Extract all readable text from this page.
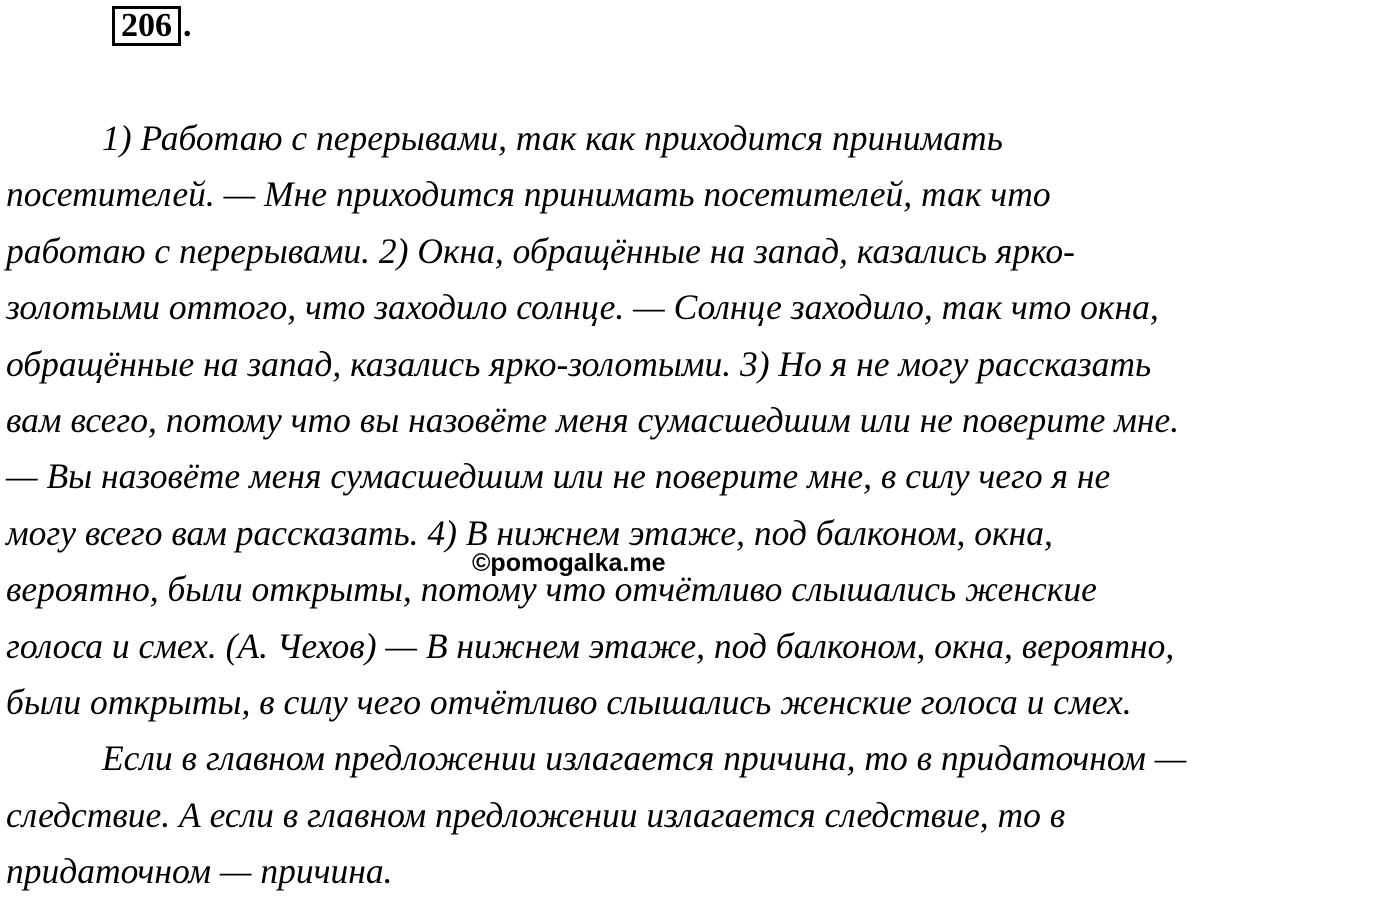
206 .
1) Работаю с перерывами, так как приходится принимать
посетителей. — Мне приходится принимать посетителей, так что
работаю с перерывами. 2) Окна, обращённые на запад, казались ярко-
золотыми оттого, что заходило солнце. — Солнце заходило, так что окна,
обращённые на запад, казались ярко-золотыми. 3) Но я не могу рассказать
вам всего, потому что вы назовёте меня сумасшедшим или не поверите мне.
— Вы назовёте меня сумасшедшим или не поверите мне, в силу чего я не
могу всего вам рассказать. 4) В нижнем этаже, под балконом, окна,
вероятно, были открыты, потому что отчётливо слышались женские
голоса и смех. (А. Чехов) — В нижнем этаже, под балконом, окна, вероятно,
были открыты, в силу чего отчётливо слышались женские голоса и смех.
Если в главном предложении излагается причина, то в придаточном —
следствие. А если в главном предложении излагается следствие, то в
придаточном — причина.
©pomogalka.me
